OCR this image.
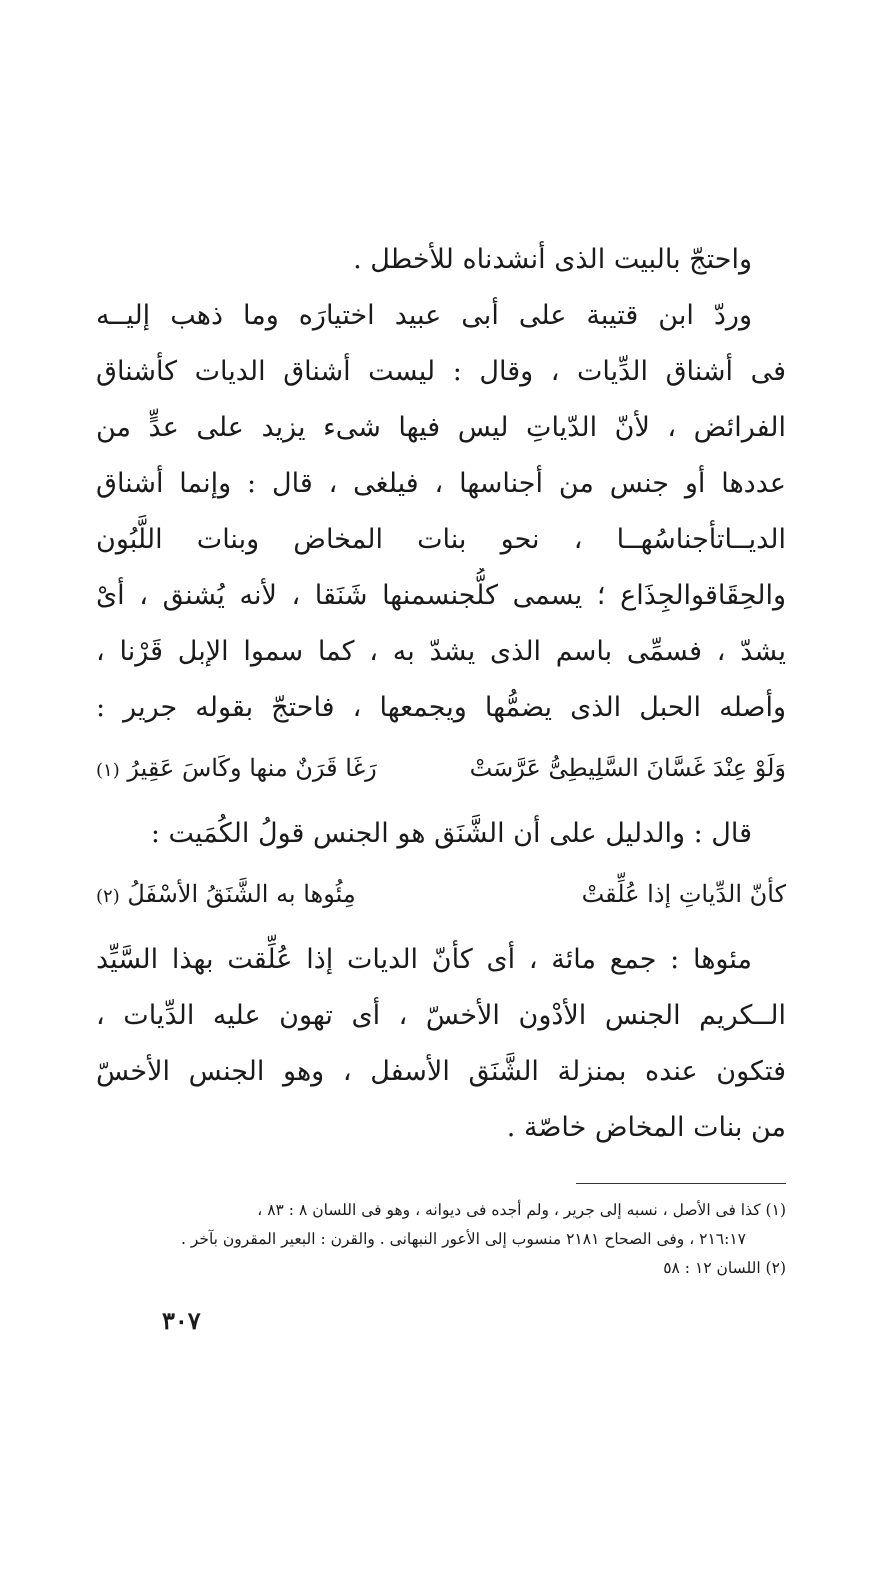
واحتجّ بالبيت الذى أنشدناه للأخطل .
وردّ ابن قتيبة على أبى عبيد اختيارَه وما ذهب إليــه
فى أشناق الدِّيات ، وقال : ليست أشناق الديات كأشناق
الفرائض ، لأنّ الدّياتِ ليس فيها شىء يزيد على عدٍّ من
عددها أو جنس من أجناسها ، فيلغى ، قال : وإنما أشناق
الديــاتأجناسُهــا ، نحو بنات المخاض وبنات اللَّبُون
والحِقَاقوالجِذَاع ؛ يسمى كلُّجنسمنها شَنَقا ، لأنه يُشنق ، أىْ
يشدّ ، فسمِّى باسم الذى يشدّ به ، كما سموا الإبل قَرْنا ،
وأصله الحبل الذى يضمُّها ويجمعها ، فاحتجّ بقوله جرير :
وَلَوْ عِنْدَ غَسَّانَ السَّلِيطِىُّ عَرَّسَتْ
رَغَا قَرَنٌ منها وكَاسَ عَقِيرُ (١)
قال : والدليل على أن الشَّنَق هو الجنس قولُ الكُمَيت :
كأنّ الدِّياتِ إذا عُلِّقتْ
مِئُوها به الشَّنَقُ الأسْفَلُ (٢)
مئوها : جمع مائة ، أى كأنّ الديات إذا عُلِّقت بهذا السَّيِّد
الــكريم الجنس الأدْون الأخسّ ، أى تهون عليه الدِّيات ،
فتكون عنده بمنزلة الشَّنَق الأسفل ، وهو الجنس الأخسّ
من بنات المخاض خاصّة .
(١) كذا فى الأصل ، نسبه إلى جرير ، ولم أجده فى ديوانه ، وهو فى اللسان ٨ : ٨٣ ،
٢١٦:١٧ ، وفى الصحاح ٢١٨١ منسوب إلى الأعور النبهانى . والقرن : البعير المقرون بآخر .
(٢) اللسان ١٢ : ٥٨
٣٠٧
